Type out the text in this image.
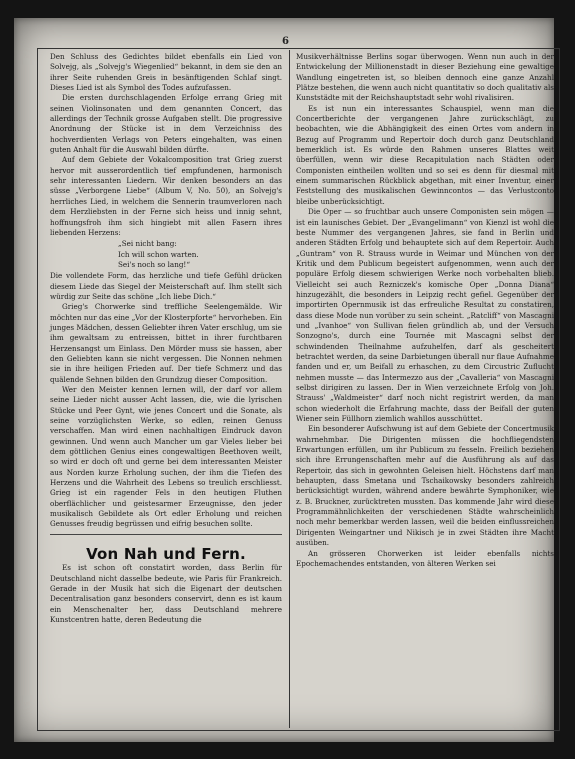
6

Den Schluss des Gedichtes bildet ebenfalls ein Lied von Solvejg, als „Solvejg's Wiegenlied“ bekannt, in dem sie den an ihrer Seite ruhenden Greis in besänftigenden Schlaf singt. Dieses Lied ist als Symbol des Todes aufzufassen.

Die ersten durchschlagenden Erfolge errang Grieg mit seinen Violinsonaten und dem genannten Concert, das allerdings der Technik grosse Aufgaben stellt. Die progressive Anordnung der Stücke ist in dem Verzeichniss des hochverdienten Verlags von Peters eingehalten, was einen guten Anhalt für die Auswahl bilden dürfte.

Auf dem Gebiete der Vokalcomposition trat Grieg zuerst hervor mit ausserordentlich tief empfundenen, harmonisch sehr interessanten Liedern. Wir denken besonders an das süsse „Verborgene Liebe“ (Album V, No. 50), an Solvejg's herrliches Lied, in welchem die Sennerin traumverloren nach dem Herzliebsten in der Ferne sich heiss und innig sehnt, hoffnungsfroh ihm sich hingiebt mit allen Fasern ihres liebenden Herzens:

„Sei nicht bang:
Ich will schon warten.
Sei's noch so lang!“

Die vollendete Form, das herzliche und tiefe Gefühl drücken diesem Liede das Siegel der Meisterschaft auf. Ihm stellt sich würdig zur Seite das schöne „Ich liebe Dich.“

Grieg's Chorwerke sind treffliche Seelengemälde. Wir möchten nur das eine „Vor der Klosterpforte“ hervorheben. Ein junges Mädchen, dessen Geliebter ihren Vater erschlug, um sie ihm gewaltsam zu entreissen, bittet in ihrer furchtbaren Herzensangst um Einlass. Den Mörder muss sie hassen, aber den Geliebten kann sie nicht vergessen. Die Nonnen nehmen sie in ihre heiligen Frieden auf. Der tiefe Schmerz und das quälende Sehnen bilden den Grundzug dieser Composition.

Wer den Meister kennen lernen will, der darf vor allem seine Lieder nicht ausser Acht lassen, die, wie die lyrischen Stücke und Peer Gynt, wie jenes Concert und die Sonate, als seine vorzüglichsten Werke, so edlen, reinen Genuss verschaffen. Man wird einen nachhaltigen Eindruck davon gewinnen. Und wenn auch Mancher um gar Vieles lieber bei dem göttlichen Genius eines congewaltigen Beethoven weilt, so wird er doch oft und gerne bei dem interessanten Meister aus Norden kurze Erholung suchen, der ihm die Tiefen des Herzens und die Wahrheit des Lebens so treulich erschliesst. Grieg ist ein ragender Fels in den heutigen Fluthen oberflächlicher und geistesarmer Erzeugnisse, den jeder musikalisch Gebildete als Ort edler Erholung und reichen Genusses freudig begrüssen und eifrig besuchen sollte.

Von Nah und Fern.

Es ist schon oft constatirt worden, dass Berlin für Deutschland nicht dasselbe bedeute, wie Paris für Frankreich. Gerade in der Musik hat sich die Eigenart der deutschen Decentralisation ganz besonders conservirt, denn es ist kaum ein Menschenalter her, dass Deutschland mehrere Kunstcentren hatte, deren Bedeutung die

Musikverhältnisse Berlins sogar überwogen. Wenn nun auch in der Entwickelung der Millionenstadt in dieser Beziehung eine gewaltige Wandlung eingetreten ist, so bleiben dennoch eine ganze Anzahl Plätze bestehen, die wenn auch nicht quantitativ so doch qualitativ als Kunststädte mit der Reichshauptstadt sehr wohl rivalisiren.

Es ist nun ein interessantes Schauspiel, wenn man die Concertberichte der vergangenen Jahre zurückschlägt, zu beobachten, wie die Abhängigkeit des einen Ortes vom andern in Bezug auf Programm und Repertoir doch durch ganz Deutschland bemerklich ist. Es würde den Rahmen unseres Blattes weit überfüllen, wenn wir diese Recapitulation nach Städten oder Componisten eintheilen wollten und so sei es denn für diesmal mit einem summarischen Rückblick abgethan, mit einer Inventur, einer Feststellung des musikalischen Gewinncontos — das Verlustconto bleibe unberücksichtigt.

Die Oper — so fruchtbar auch unsere Componisten sein mögen — ist ein launisches Gebiet. Der „Evangelimann“ von Kienzl ist wohl die beste Nummer des vergangenen Jahres, sie fand in Berlin und anderen Städten Erfolg und behauptete sich auf dem Repertoir. Auch „Guntram“ von R. Strauss wurde in Weimar und München von der Kritik und dem Publicum begeistert aufgenommen, wenn auch der populäre Erfolg diesem schwierigen Werke noch vorbehalten blieb. Vielleicht sei auch Rezniczek's komische Oper „Donna Diana“ hinzugezählt, die besonders in Leipzig recht gefiel. Gegenüber der importirten Opernmusik ist das erfreuliche Resultat zu constatiren, dass diese Mode nun vorüber zu sein scheint. „Ratcliff“ von Mascagni und „Ivanhoe“ von Sullivan fielen gründlich ab, und der Versuch Sonzogno's, durch eine Tournée mit Mascagni selbst der schwindenden Theilnahme aufzuhelfen, darf als gescheitert betrachtet werden, da seine Darbietungen überall nur flaue Aufnahme fanden und er, um Beifall zu erhaschen, zu dem Circustric Zuflucht nehmen musste — das Intermezzo aus der „Cavalleria“ von Mascagni selbst dirigiren zu lassen. Der in Wien verzeichnete Erfolg von Joh. Strauss' „Waldmeister“ darf noch nicht registrirt werden, da man schon wiederholt die Erfahrung machte, dass der Beifall der guten Wiener sein Füllhorn ziemlich wahllos ausschüttet.

Ein besonderer Aufschwung ist auf dem Gebiete der Concertmusik wahrnehmbar. Die Dirigenten müssen die hochfliegendsten Erwartungen erfüllen, um ihr Publicum zu fesseln. Freilich beziehen sich ihre Errungenschaften mehr auf die Ausführung als auf das Repertoir, das sich in gewohnten Geleisen hielt. Höchstens darf man behaupten, dass Smetana und Tschaikowsky besonders zahlreich berücksichtigt wurden, während andere bewährte Symphoniker, wie z. B. Bruckner, zurücktreten mussten. Das kommende Jahr wird diese Programmähnlichkeiten der verschiedenen Städte wahrscheinlich noch mehr bemerkbar werden lassen, weil die beiden einflussreichen Dirigenten Weingartner und Nikisch je in zwei Städten ihre Macht ausüben.

An grösseren Chorwerken ist leider ebenfalls nichts Epochemachendes entstanden, von älteren Werken sei
